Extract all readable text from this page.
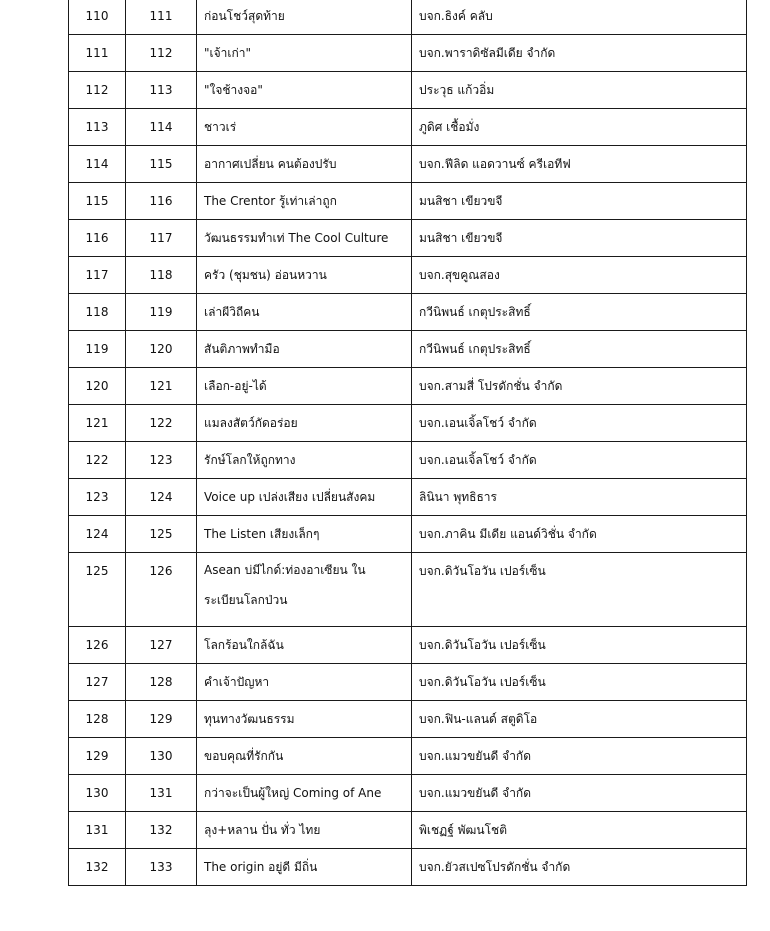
110	111	ก่อนโชว์สุดท้าย	บจก.ธิงค์ คลับ
111	112	"เจ้าเก่า"	บจก.พาราดิซัลมีเดีย จำกัด
112	113	"ใจช้างจอ"	ประวุธ แก้วอิ่ม
113	114	ชาวเร่	ภูดิศ เชื้อมั่ง
114	115	อากาศเปลี่ยน คนต้องปรับ	บจก.ฟีลิด แอดวานซ์ ครีเอทีฟ
115	116	The Crentor รู้เท่าเล่าถูก	มนสิชา เขียวขจี
116	117	วัฒนธรรมทำเท่ The Cool Culture	มนสิชา เขียวขจี
117	118	ครัว (ชุมชน) อ่อนหวาน	บจก.สุขคูณสอง
118	119	เล่าผีวิถีคน	กวีนิพนธ์ เกตุประสิทธิ์
119	120	สันติภาพทำมือ	กวีนิพนธ์ เกตุประสิทธิ์
120	121	เลือก-อยู่-ได้	บจก.สามสี่ โปรดักชั่น จำกัด
121	122	แมลงสัตว์กัดอร่อย	บจก.เอนเจิ้ลโชว์ จำกัด
122	123	รักษ์โลกให้ถูกทาง	บจก.เอนเจิ้ลโชว์ จำกัด
123	124	Voice up เปล่งเสียง เปลี่ยนสังคม	ลินินา พุทธิธาร
124	125	The Listen เสียงเล็กๆ	บจก.ภาคิน มีเดีย แอนด์วิชั่น จำกัด
125	126	Asean บ่มีไกด์:ท่องอาเซียน ในระเบียนโลกป่วน	บจก.ดิวันโอวัน เปอร์เซ็น
126	127	โลกร้อนใกล้ฉัน	บจก.ดิวันโอวัน เปอร์เซ็น
127	128	คำเจ้าปัญหา	บจก.ดิวันโอวัน เปอร์เซ็น
128	129	ทุนทางวัฒนธรรม	บจก.ฟิน-แลนด์ สตูดิโอ
129	130	ขอบคุณที่รักกัน	บจก.แมวขยันดี จำกัด
130	131	กว่าจะเป็นผู้ใหญ่ Coming of Ane	บจก.แมวขยันดี จำกัด
131	132	ลุง+หลาน ปั่น ทั่ว ไทย	พิเชฏฐ์ พัฒนโชติ
132	133	The origin อยู่ดี มีถิ่น	บจก.ยัวสเปซโปรดักชั่น จำกัด
